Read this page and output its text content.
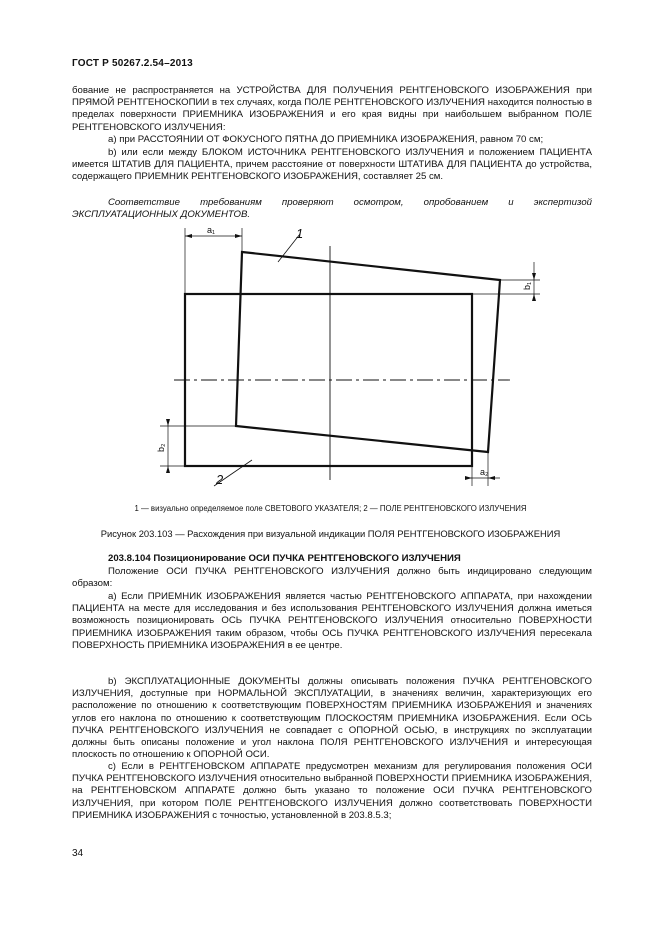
ГОСТ Р 50267.2.54–2013

бование не распространяется на УСТРОЙСТВА ДЛЯ ПОЛУЧЕНИЯ РЕНТГЕНОВСКОГО ИЗОБРАЖЕНИЯ при ПРЯМОЙ РЕНТГЕНОСКОПИИ в тех случаях, когда ПОЛЕ РЕНТГЕНОВСКОГО ИЗЛУЧЕНИЯ находится полностью в пределах поверхности ПРИЕМНИКА ИЗОБРАЖЕНИЯ и его края видны при наибольшем выбранном ПОЛЕ РЕНТГЕНОВСКОГО ИЗЛУЧЕНИЯ:

а) при РАССТОЯНИИ ОТ ФОКУСНОГО ПЯТНА ДО ПРИЕМНИКА ИЗОБРАЖЕНИЯ, равном 70 см;

b) или если между БЛОКОМ ИСТОЧНИКА РЕНТГЕНОВСКОГО ИЗЛУЧЕНИЯ и положением ПАЦИЕНТА имеется ШТАТИВ ДЛЯ ПАЦИЕНТА, причем расстояние от поверхности ШТАТИВА ДЛЯ ПАЦИЕНТА до устройства, содержащего ПРИЕМНИК РЕНТГЕНОВСКОГО ИЗОБРАЖЕНИЯ, составляет 25 см.

Соответствие требованиям проверяют осмотром, опробованием и экспертизой ЭКСПЛУАТАЦИОННЫХ ДОКУМЕНТОВ.

1
2
a₁
b₁
b₂
a₂
1 — визуально определяемое поле СВЕТОВОГО УКАЗАТЕЛЯ; 2 — ПОЛЕ РЕНТГЕНОВСКОГО ИЗЛУЧЕНИЯ
Рисунок 203.103 — Расхождения при визуальной индикации ПОЛЯ РЕНТГЕНОВСКОГО ИЗОБРАЖЕНИЯ

203.8.104 Позиционирование ОСИ ПУЧКА РЕНТГЕНОВСКОГО ИЗЛУЧЕНИЯ

Положение ОСИ ПУЧКА РЕНТГЕНОВСКОГО ИЗЛУЧЕНИЯ должно быть индицировано следующим образом:

а) Если ПРИЕМНИК ИЗОБРАЖЕНИЯ является частью РЕНТГЕНОВСКОГО АППАРАТА, при нахождении ПАЦИЕНТА на месте для исследования и без использования РЕНТГЕНОВСКОГО ИЗЛУЧЕНИЯ должна иметься возможность позиционировать ОСЬ ПУЧКА РЕНТГЕНОВСКОГО ИЗЛУЧЕНИЯ относительно ПОВЕРХНОСТИ ПРИЕМНИКА ИЗОБРАЖЕНИЯ таким образом, чтобы ОСЬ ПУЧКА РЕНТГЕНОВСКОГО ИЗЛУЧЕНИЯ пересекала ПОВЕРХНОСТЬ ПРИЕМНИКА ИЗОБРАЖЕНИЯ в ее центре.

b) ЭКСПЛУАТАЦИОННЫЕ ДОКУМЕНТЫ должны описывать положения ПУЧКА РЕНТГЕНОВСКОГО ИЗЛУЧЕНИЯ, доступные при НОРМАЛЬНОЙ ЭКСПЛУАТАЦИИ, в значениях величин, характеризующих его расположение по отношению к соответствующим ПОВЕРХНОСТЯМ ПРИЕМНИКА ИЗОБРАЖЕНИЯ и значениях углов его наклона по отношению к соответствующим ПЛОСКОСТЯМ ПРИЕМНИКА ИЗОБРАЖЕНИЯ. Если ОСЬ ПУЧКА РЕНТГЕНОВСКОГО ИЗЛУЧЕНИЯ не совпадает с ОПОРНОЙ ОСЬЮ, в инструкциях по эксплуатации должны быть описаны положение и угол наклона ПОЛЯ РЕНТГЕНОВСКОГО ИЗЛУЧЕНИЯ и интересующая плоскость по отношению к ОПОРНОЙ ОСИ.

c) Если в РЕНТГЕНОВСКОМ АППАРАТЕ предусмотрен механизм для регулирования положения ОСИ ПУЧКА РЕНТГЕНОВСКОГО ИЗЛУЧЕНИЯ относительно выбранной ПОВЕРХНОСТИ ПРИЕМНИКА ИЗОБРАЖЕНИЯ, на РЕНТГЕНОВСКОМ АППАРАТЕ должно быть указано то положение ОСИ ПУЧКА РЕНТГЕНОВСКОГО ИЗЛУЧЕНИЯ, при котором ПОЛЕ РЕНТГЕНОВСКОГО ИЗЛУЧЕНИЯ должно соответствовать ПОВЕРХНОСТИ ПРИЕМНИКА ИЗОБРАЖЕНИЯ с точностью, установленной в 203.8.5.3;

34
